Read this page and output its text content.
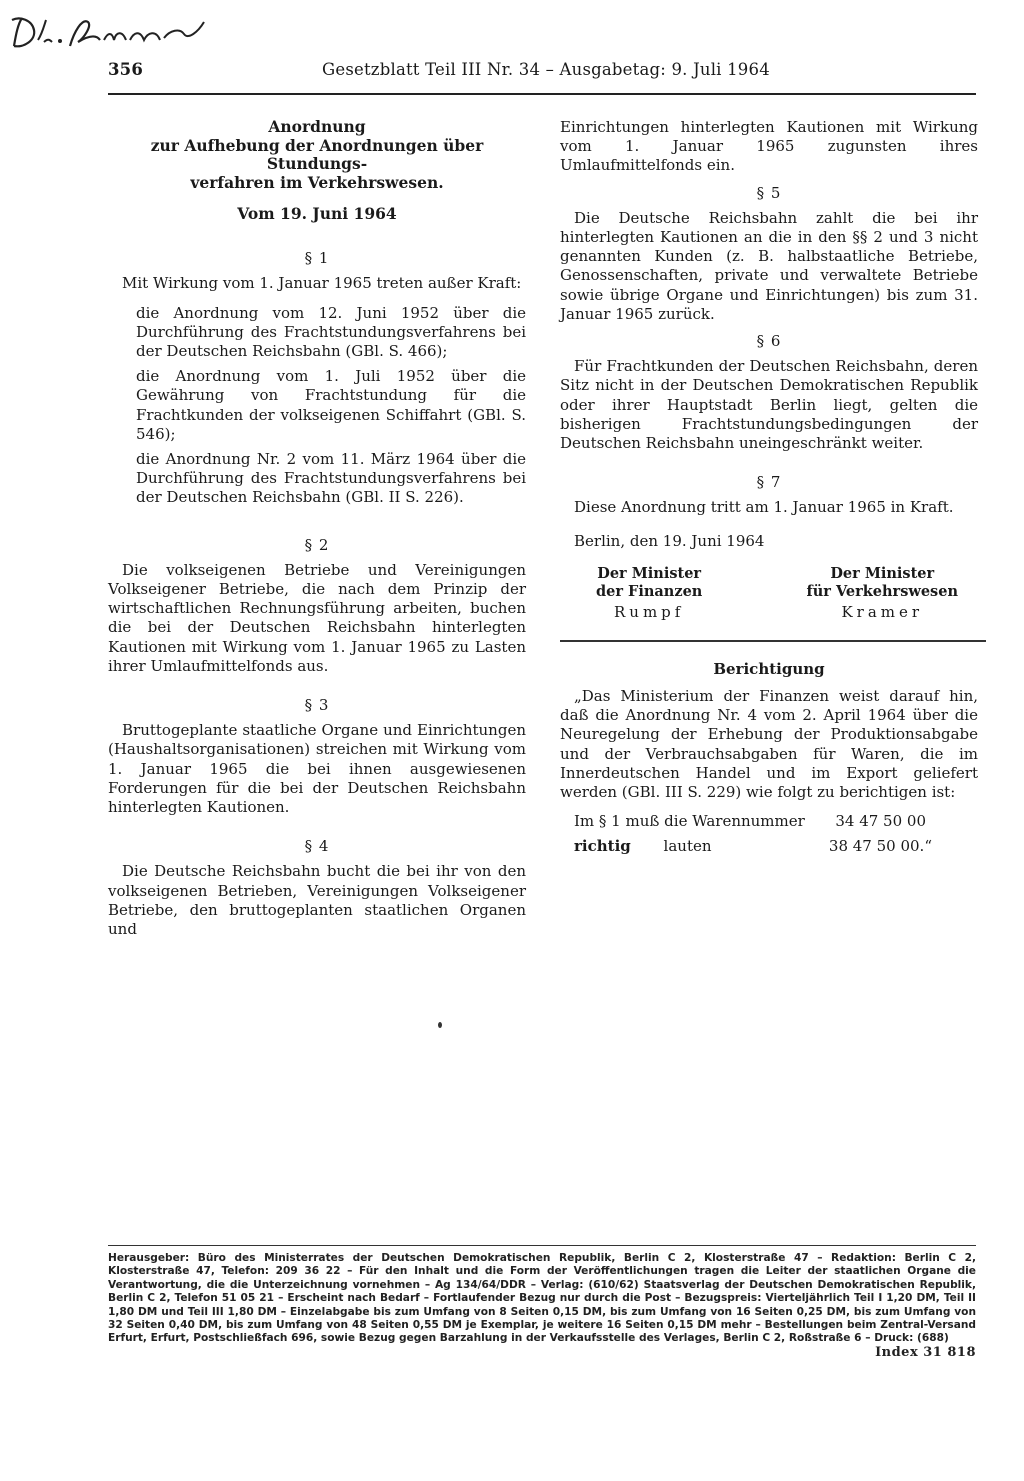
356	Gesetzblatt Teil III Nr. 34 – Ausgabetag: 9. Juli 1964

Anordnung

zur Aufhebung der Anordnungen über Stundungs-

verfahren im Verkehrswesen.

Vom 19. Juni 1964

§ 1

Mit Wirkung vom 1. Januar 1965 treten außer Kraft:

die Anordnung vom 12. Juni 1952 über die Durchführung des Frachtstundungsverfahrens bei der Deutschen Reichsbahn (GBl. S. 466);

die Anordnung vom 1. Juli 1952 über die Gewährung von Frachtstundung für die Frachtkunden der volkseigenen Schiffahrt (GBl. S. 546);

die Anordnung Nr. 2 vom 11. März 1964 über die Durchführung des Frachtstundungsverfahrens bei der Deutschen Reichsbahn (GBl. II S. 226).

§ 2

Die volkseigenen Betriebe und Vereinigungen Volkseigener Betriebe, die nach dem Prinzip der wirtschaftlichen Rechnungsführung arbeiten, buchen die bei der Deutschen Reichsbahn hinterlegten Kautionen mit Wirkung vom 1. Januar 1965 zu Lasten ihrer Umlaufmittelfonds aus.

§ 3

Bruttogeplante staatliche Organe und Einrichtungen (Haushaltsorganisationen) streichen mit Wirkung vom 1. Januar 1965 die bei ihnen ausgewiesenen Forderungen für die bei der Deutschen Reichsbahn hinterlegten Kautionen.

§ 4

Die Deutsche Reichsbahn bucht die bei ihr von den volkseigenen Betrieben, Vereinigungen Volkseigener Betriebe, den bruttogeplanten staatlichen Organen und

Einrichtungen hinterlegten Kautionen mit Wirkung vom 1. Januar 1965 zugunsten ihres Umlaufmittelfonds ein.

§ 5

Die Deutsche Reichsbahn zahlt die bei ihr hinterlegten Kautionen an die in den §§ 2 und 3 nicht genannten Kunden (z. B. halbstaatliche Betriebe, Genossenschaften, private und verwaltete Betriebe sowie übrige Organe und Einrichtungen) bis zum 31. Januar 1965 zurück.

§ 6

Für Frachtkunden der Deutschen Reichsbahn, deren Sitz nicht in der Deutschen Demokratischen Republik oder ihrer Hauptstadt Berlin liegt, gelten die bisherigen Frachtstundungsbedingungen der Deutschen Reichsbahn uneingeschränkt weiter.

§ 7

Diese Anordnung tritt am 1. Januar 1965 in Kraft.

Berlin, den 19. Juni 1964

Der Minister
der Finanzen
Rumpf
Der Minister
für Verkehrswesen
Kramer

Berichtigung

„Das Ministerium der Finanzen weist darauf hin, daß die Anordnung Nr. 4 vom 2. April 1964 über die Neuregelung der Erhebung der Produktionsabgabe und der Verbrauchsabgaben für Waren, die im Innerdeutschen Handel und im Export geliefert werden (GBl. III S. 229) wie folgt zu berichtigen ist:

Im § 1 muß die Warennummer 34 47 50 00
richtig lauten	38 47 50 00.“
Herausgeber: Büro des Ministerrates der Deutschen Demokratischen Republik, Berlin C 2, Klosterstraße 47 – Redaktion: Berlin C 2, Klosterstraße 47, Telefon: 209 36 22 – Für den Inhalt und die Form der Veröffentlichungen tragen die Leiter der staatlichen Organe die Verantwortung, die die Unterzeichnung vornehmen – Ag 134/64/DDR – Verlag: (610/62) Staatsverlag der Deutschen Demokratischen Republik, Berlin C 2, Telefon 51 05 21 – Erscheint nach Bedarf – Fortlaufender Bezug nur durch die Post – Bezugspreis: Vierteljährlich Teil I 1,20 DM, Teil II 1,80 DM und Teil III 1,80 DM – Einzelabgabe bis zum Umfang von 8 Seiten 0,15 DM, bis zum Umfang von 16 Seiten 0,25 DM, bis zum Umfang von 32 Seiten 0,40 DM, bis zum Umfang von 48 Seiten 0,55 DM je Exemplar, je weitere 16 Seiten 0,15 DM mehr – Bestellungen beim Zentral-Versand Erfurt, Erfurt, Postschließfach 696, sowie Bezug gegen Barzahlung in der Verkaufsstelle des Verlages, Berlin C 2, Roßstraße 6 – Druck: (688)
Index 31 818
